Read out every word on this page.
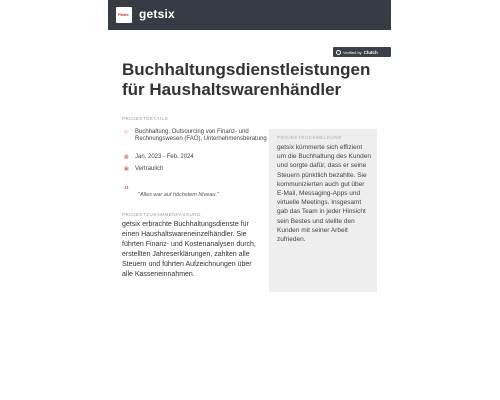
Pictec getsix
Verified by Clutch
Buchhaltungsdienstleistungen für Haushaltswarenhändler
PROJEKTDETAILS
◇ Buchhaltung, Outsourcing von Finanz- und Rechnungswesen (FAO), Unternehmensberatung
▦ Jan. 2023 - Feb. 2024
▣ Vertraulich
“ "Alles war auf höchstem Niveau."
PROJEKTZUSAMMENFASSUNG

getsix erbrachte Buchhaltungsdienste für einen Haushaltswareneinzelhändler. Sie führten Finanz- und Kostenanalysen durch, erstellten Jahreserklärungen, zahlten alle Steuern und führten Aufzeichnungen über alle Kasseneinnahmen.

PROJEKTRÜCKMELDUNG

getsix kümmerte sich effizient um die Buchhaltung des Kunden und sorgte dafür, dass er seine Steuern pünktlich bezahlte. Sie kommunizierten auch gut über E-Mail, Messaging-Apps und virtuelle Meetings. Insgesamt gab das Team in jeder Hinsicht sein Bestes und stellte den Kunden mit seiner Arbeit zufrieden.
